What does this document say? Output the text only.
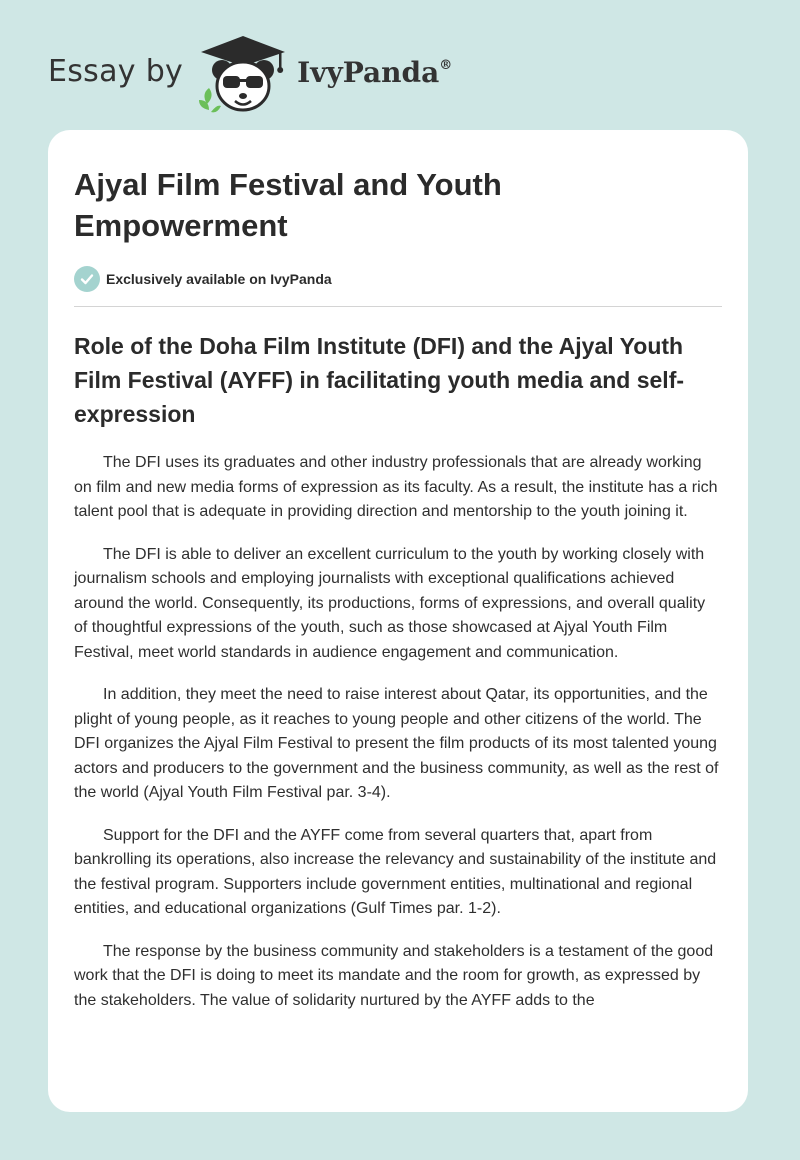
Essay by	IvyPanda®
Ajyal Film Festival and Youth Empowerment
Exclusively available on IvyPanda
Role of the Doha Film Institute (DFI) and the Ajyal Youth Film Festival (AYFF) in facilitating youth media and self-expression

The DFI uses its graduates and other industry professionals that are already working on film and new media forms of expression as its faculty. As a result, the institute has a rich talent pool that is adequate in providing direction and mentorship to the youth joining it.

The DFI is able to deliver an excellent curriculum to the youth by working closely with journalism schools and employing journalists with exceptional qualifications achieved around the world. Consequently, its productions, forms of expressions, and overall quality of thoughtful expressions of the youth, such as those showcased at Ajyal Youth Film Festival, meet world standards in audience engagement and communication.

In addition, they meet the need to raise interest about Qatar, its opportunities, and the plight of young people, as it reaches to young people and other citizens of the world. The DFI organizes the Ajyal Film Festival to present the film products of its most talented young actors and producers to the government and the business community, as well as the rest of the world (Ajyal Youth Film Festival par. 3-4).

Support for the DFI and the AYFF come from several quarters that, apart from bankrolling its operations, also increase the relevancy and sustainability of the institute and the festival program. Supporters include government entities, multinational and regional entities, and educational organizations (Gulf Times par. 1-2).

The response by the business community and stakeholders is a testament of the good work that the DFI is doing to meet its mandate and the room for growth, as expressed by the stakeholders. The value of solidarity nurtured by the AYFF adds to the
